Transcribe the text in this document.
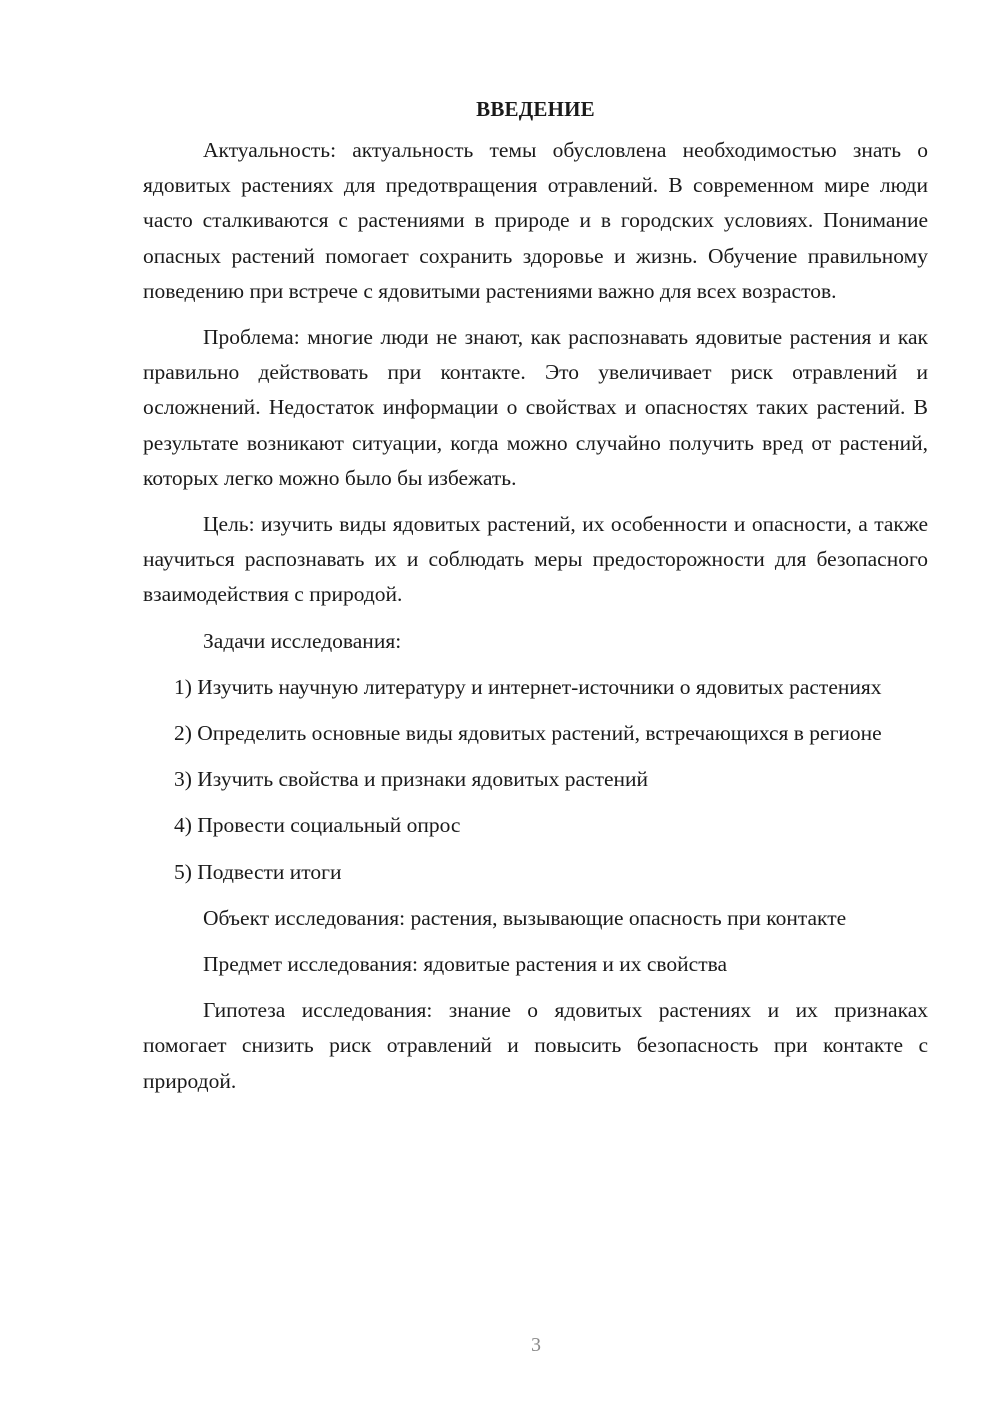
ВВЕДЕНИЕ

Актуальность: актуальность темы обусловлена необходимостью знать о ядовитых растениях для предотвращения отравлений. В современном мире люди часто сталкиваются с растениями в природе и в городских условиях. Понимание опасных растений помогает сохранить здоровье и жизнь. Обучение правильному поведению при встрече с ядовитыми растениями важно для всех возрастов.

Проблема: многие люди не знают, как распознавать ядовитые растения и как правильно действовать при контакте. Это увеличивает риск отравлений и осложнений. Недостаток информации о свойствах и опасностях таких растений. В результате возникают ситуации, когда можно случайно получить вред от растений, которых легко можно было бы избежать.

Цель: изучить виды ядовитых растений, их особенности и опасности, а также научиться распознавать их и соблюдать меры предосторожности для безопасного взаимодействия с природой.

Задачи исследования:

1) Изучить научную литературу и интернет-источники о ядовитых растениях

2) Определить основные виды ядовитых растений, встречающихся в регионе

3) Изучить свойства и признаки ядовитых растений

4) Провести социальный опрос

5) Подвести итоги

Объект исследования: растения, вызывающие опасность при контакте

Предмет исследования: ядовитые растения и их свойства

Гипотеза исследования: знание о ядовитых растениях и их признаках помогает снизить риск отравлений и повысить безопасность при контакте с природой.

3
